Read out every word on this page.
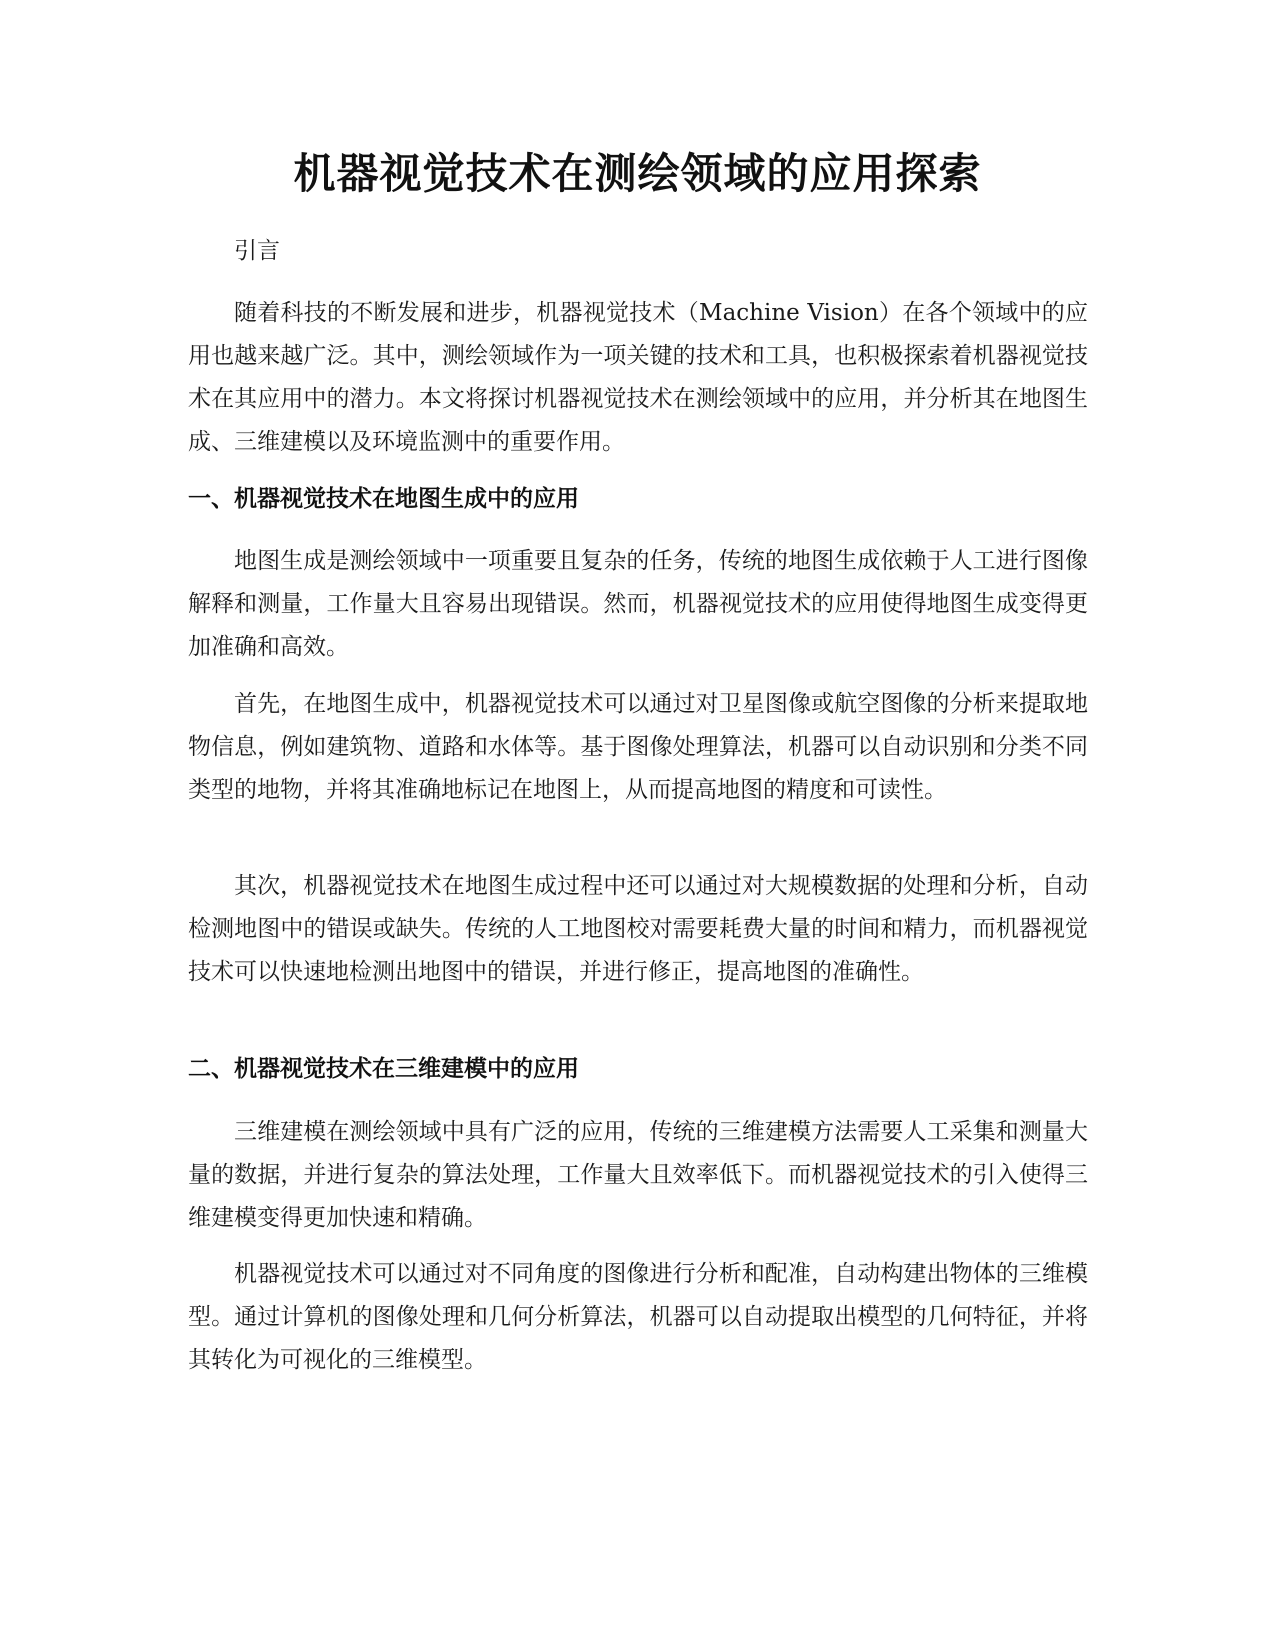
机器视觉技术在测绘领域的应用探索

引言

随着科技的不断发展和进步，机器视觉技术（Machine Vision）在各个领域中的应用也越来越广泛。其中，测绘领域作为一项关键的技术和工具，也积极探索着机器视觉技术在其应用中的潜力。本文将探讨机器视觉技术在测绘领域中的应用，并分析其在地图生成、三维建模以及环境监测中的重要作用。

一、机器视觉技术在地图生成中的应用

地图生成是测绘领域中一项重要且复杂的任务，传统的地图生成依赖于人工进行图像解释和测量，工作量大且容易出现错误。然而，机器视觉技术的应用使得地图生成变得更加准确和高效。

首先，在地图生成中，机器视觉技术可以通过对卫星图像或航空图像的分析来提取地物信息，例如建筑物、道路和水体等。基于图像处理算法，机器可以自动识别和分类不同类型的地物，并将其准确地标记在地图上，从而提高地图的精度和可读性。

其次，机器视觉技术在地图生成过程中还可以通过对大规模数据的处理和分析，自动检测地图中的错误或缺失。传统的人工地图校对需要耗费大量的时间和精力，而机器视觉技术可以快速地检测出地图中的错误，并进行修正，提高地图的准确性。

二、机器视觉技术在三维建模中的应用

三维建模在测绘领域中具有广泛的应用，传统的三维建模方法需要人工采集和测量大量的数据，并进行复杂的算法处理，工作量大且效率低下。而机器视觉技术的引入使得三维建模变得更加快速和精确。

机器视觉技术可以通过对不同角度的图像进行分析和配准，自动构建出物体的三维模型。通过计算机的图像处理和几何分析算法，机器可以自动提取出模型的几何特征，并将其转化为可视化的三维模型。
